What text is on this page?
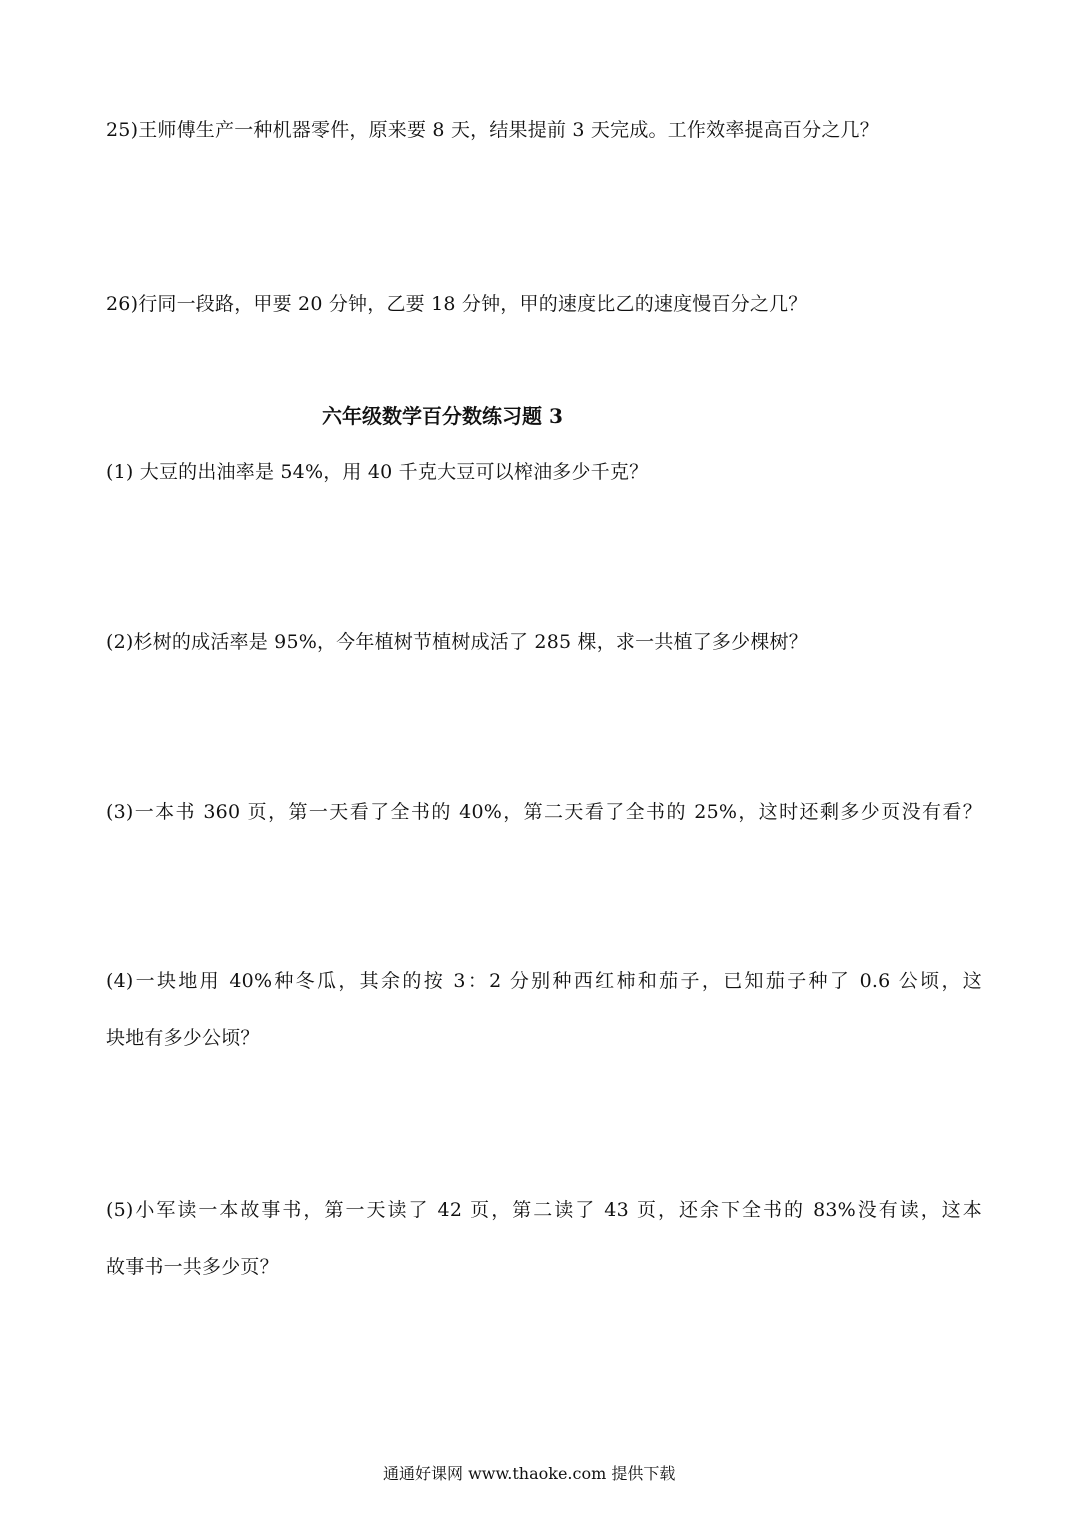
25)王师傅生产一种机器零件，原来要 8 天，结果提前 3 天完成。工作效率提高百分之几？
26)行同一段路，甲要 20 分钟，乙要 18 分钟，甲的速度比乙的速度慢百分之几？
六年级数学百分数练习题 3
(1) 大豆的出油率是 54%，用 40 千克大豆可以榨油多少千克？
(2)杉树的成活率是 95%，今年植树节植树成活了 285 棵，求一共植了多少棵树？
(3)一本书 360 页，第一天看了全书的 40%，第二天看了全书的 25%，这时还剩多少页没有看？
(4)一块地用 40%种冬瓜，其余的按 3：2 分别种西红柿和茄子，已知茄子种了 0.6 公顷，这
块地有多少公顷？
(5)小军读一本故事书，第一天读了 42 页，第二读了 43 页，还余下全书的 83%没有读，这本
故事书一共多少页？
通通好课网 www.thaoke.com 提供下载
